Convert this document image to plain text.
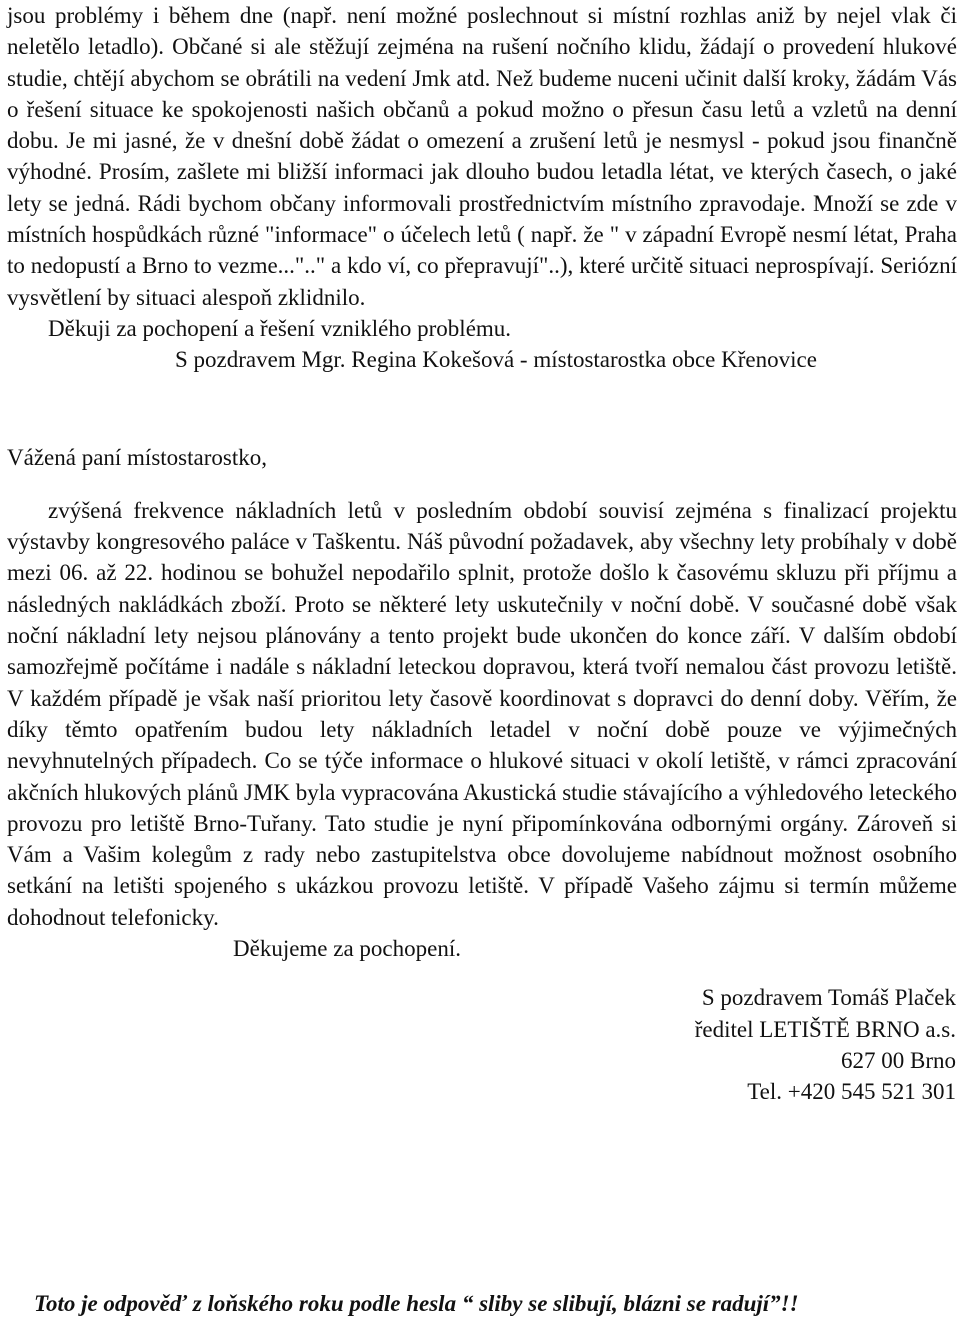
jsou problémy i během dne (např. není možné poslechnout si místní rozhlas aniž by nejel vlak či neletělo letadlo). Občané si ale stěžují zejména na rušení nočního klidu, žádají o provedení hlukové studie, chtějí abychom se obrátili na vedení Jmk atd. Než budeme nuceni učinit další kroky, žádám Vás o řešení situace ke spokojenosti našich občanů a pokud možno o přesun času letů a vzletů na denní dobu. Je mi jasné, že v dnešní době žádat o omezení a zrušení letů je nesmysl - pokud jsou finančně výhodné. Prosím, zašlete mi bližší informaci jak dlouho budou letadla létat, ve kterých časech, o jaké lety se jedná. Rádi bychom občany informovali prostřednictvím místního zpravodaje. Množí se zde v místních hospůdkách různé "informace" o účelech letů ( např. že " v západní Evropě nesmí létat, Praha to nedopustí a Brno to vezme...".." a kdo ví, co přepravují"..), které určitě situaci neprospívají. Seriózní vysvětlení by situaci alespoň zklidnilo.

Děkuji za pochopení a řešení vzniklého problému.

S pozdravem Mgr. Regina Kokešová - místostarostka obce Křenovice

Vážená paní místostarostko,

zvýšená frekvence nákladních letů v posledním období souvisí zejména s finalizací projektu výstavby kongresového paláce v Taškentu. Náš původní požadavek, aby všechny lety probíhaly v době mezi 06. až 22. hodinou se bohužel nepodařilo splnit, protože došlo k časovému skluzu při příjmu a následných nakládkách zboží. Proto se některé lety uskutečnily v noční době. V současné době však noční nákladní lety nejsou plánovány a tento projekt bude ukončen do konce září. V dalším období samozřejmě počítáme i nadále s nákladní leteckou dopravou, která tvoří nemalou část provozu letiště. V každém případě je však naší prioritou lety časově koordinovat s dopravci do denní doby. Věřím, že díky těmto opatřením budou lety nákladních letadel v noční době pouze ve výjimečných nevyhnutelných případech. Co se týče informace o hlukové situaci v okolí letiště, v rámci zpracování akčních hlukových plánů JMK byla vypracována Akustická studie stávajícího a výhledového leteckého provozu pro letiště Brno-Tuřany. Tato studie je nyní připomínkována odbornými orgány. Zároveň si Vám a Vašim kolegům z rady nebo zastupitelstva obce dovolujeme nabídnout možnost osobního setkání na letišti spojeného s ukázkou provozu letiště. V případě Vašeho zájmu si termín můžeme dohodnout telefonicky.

Děkujeme za pochopení.

S pozdravem Tomáš Plaček
ředitel LETIŠTĚ BRNO a.s.
627 00 Brno
Tel. +420 545 521 301
Toto je odpověď z loňského roku podle hesla “ sliby se slibují, blázni se radují”!!
